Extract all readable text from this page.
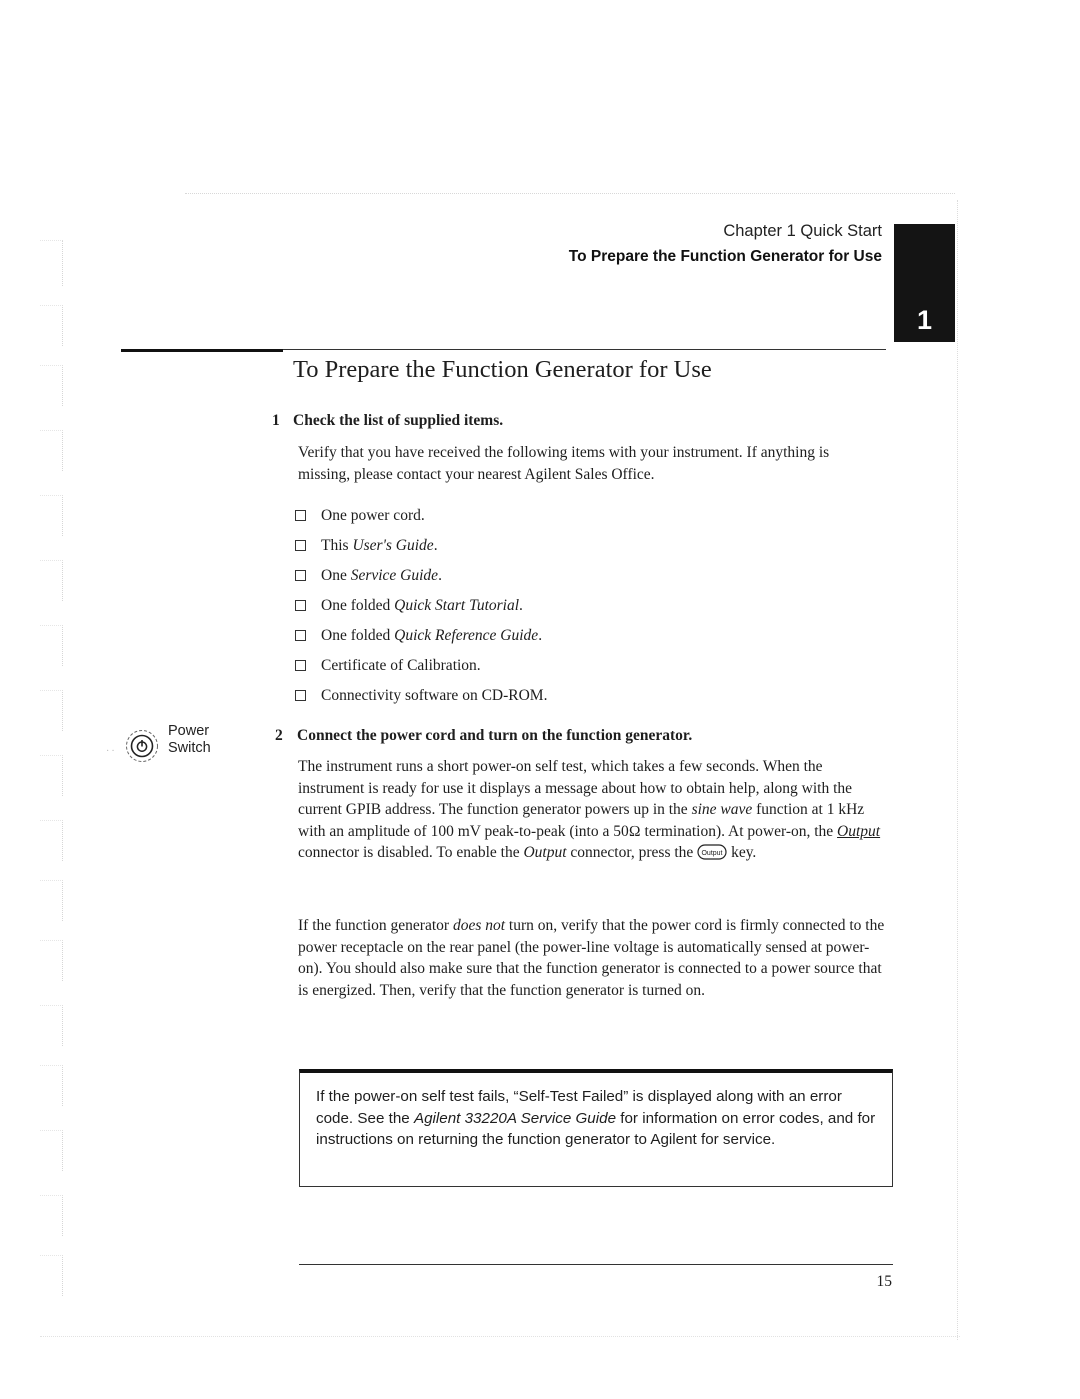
Chapter 1 Quick Start
To Prepare the Function Generator for Use
1
To Prepare the Function Generator for Use
1 Check the list of supplied items.

Verify that you have received the following items with your instrument. If anything is missing, please contact your nearest Agilent Sales Office.

One power cord.
This User's Guide.
One Service Guide.
One folded Quick Start Tutorial.
One folded Quick Reference Guide.
Certificate of Calibration.
Connectivity software on CD-ROM.
··
Power
Switch
2 Connect the power cord and turn on the function generator.

The instrument runs a short power-on self test, which takes a few seconds. When the instrument is ready for use it displays a message about how to obtain help, along with the current GPIB address. The function generator powers up in the sine wave function at 1 kHz with an amplitude of 100 mV peak-to-peak (into a 50Ω termination). At power-on, the Output connector is disabled. To enable the Output connector, press the Output key.

If the function generator does not turn on, verify that the power cord is firmly connected to the power receptacle on the rear panel (the power-line voltage is automatically sensed at power-on). You should also make sure that the function generator is connected to a power source that is energized. Then, verify that the function generator is turned on.

If the power-on self test fails, “Self-Test Failed” is displayed along with an error code. See the Agilent 33220A Service Guide for information on error codes, and for instructions on returning the function generator to Agilent for service.

15
